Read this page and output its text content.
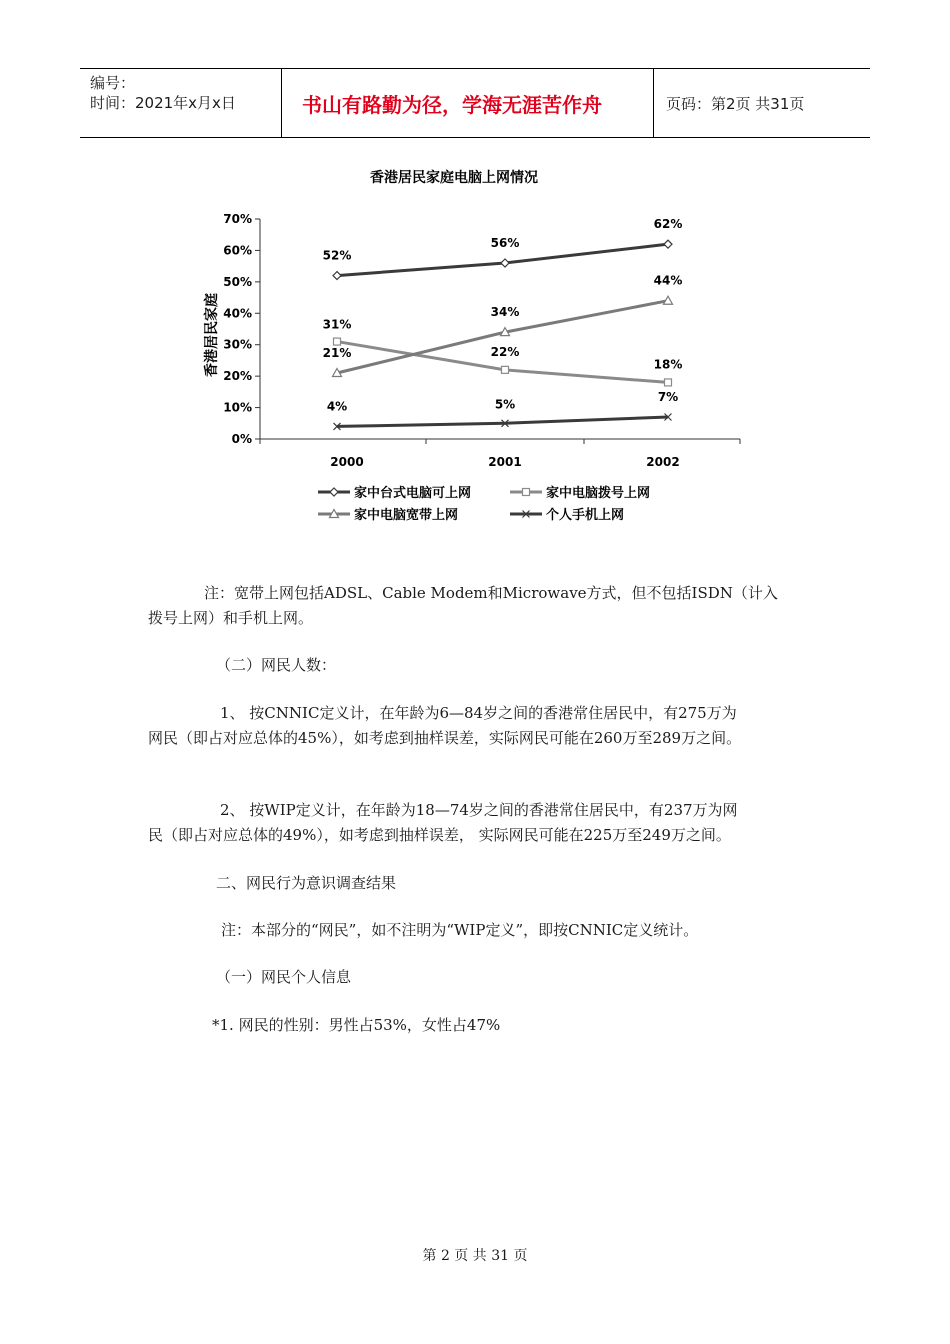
编号：
时间：2021年x月x日	书山有路勤为径，学海无涯苦作舟	页码：第2页 共31页
香港居民家庭电脑上网情况
香港居民家庭
0%
10%
20%
30%
40%
50%
60%
70%
2000	2001	2002
52%
56%
62%
31%
22%
18%
21%
34%
44%
4%	5%
7%
家中台式电脑可上网	家中电脑拨号上网
家中电脑宽带上网	个人手机上网
注：宽带上网包括ADSL、Cable Modem和Microwave方式，但不包括ISDN（计入
拨号上网）和手机上网。
（二）网民人数：
1、 按CNNIC定义计，在年龄为6—84岁之间的香港常住居民中，有275万为
网民（即占对应总体的45%），如考虑到抽样误差，实际网民可能在260万至289万之间。
2、 按WIP定义计，在年龄为18—74岁之间的香港常住居民中，有237万为网
民（即占对应总体的49%），如考虑到抽样误差， 实际网民可能在225万至249万之间。
二、网民行为意识调查结果
注：本部分的“网民”，如不注明为“WIP定义”，即按CNNIC定义统计。
（一）网民个人信息
*1. 网民的性别：男性占53%，女性占47%
第 2 页 共 31 页
